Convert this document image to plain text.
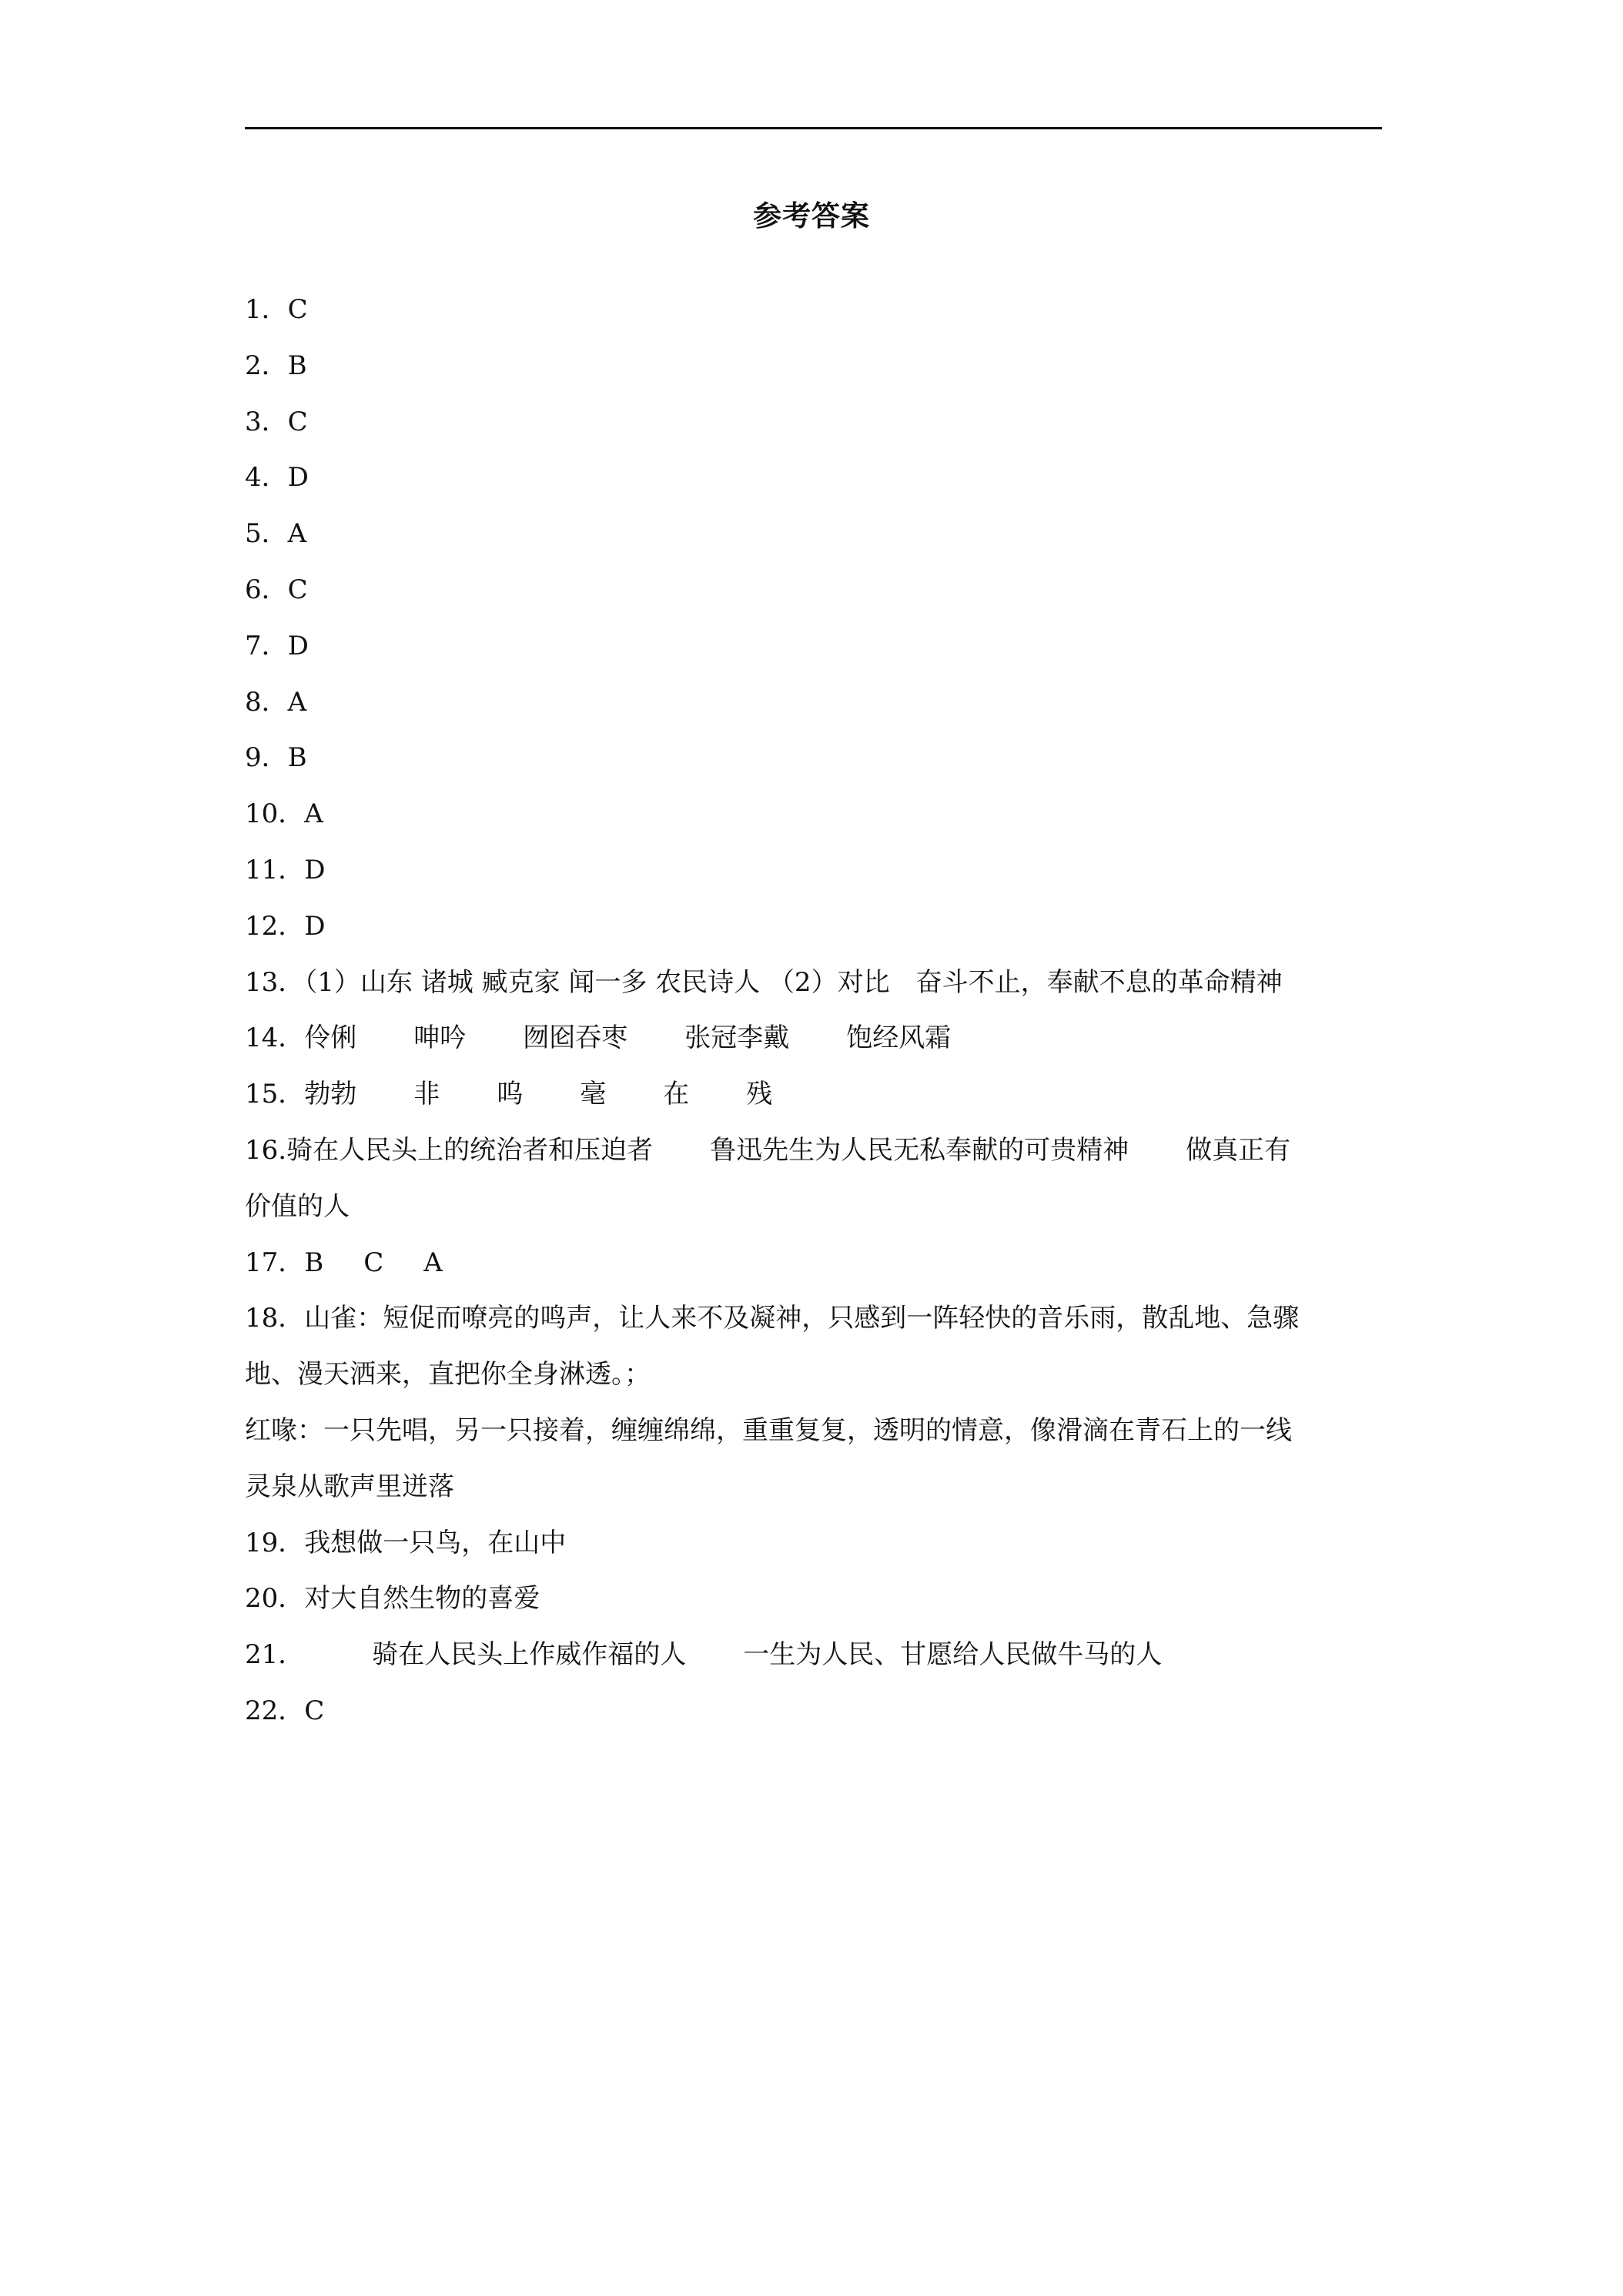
参考答案
1．C
2．B
3．C
4．D
5．A
6．C
7．D
8．A
9．B
10．A
11．D
12．D
13．（1）山东 诸城 臧克家 闻一多 农民诗人 （2）对比　奋斗不止，奉献不息的革命精神
14．伶俐 呻吟 囫囵吞枣 张冠李戴 饱经风霜
15．勃勃 非 呜 毫 在 残
16.骑在人民头上的统治者和压迫者 鲁迅先生为人民无私奉献的可贵精神 做真正有
价值的人
17．B C A
18．山雀：短促而嘹亮的鸣声，让人来不及凝神，只感到一阵轻快的音乐雨，散乱地、急骤
地、漫天洒来，直把你全身淋透。；
红喙：一只先唱，另一只接着，缠缠绵绵，重重复复，透明的情意，像滑滴在青石上的一线
灵泉从歌声里迸落
19．我想做一只鸟，在山中
20．对大自然生物的喜爱
21．	骑在人民头上作威作福的人 一生为人民、甘愿给人民做牛马的人
22．C
